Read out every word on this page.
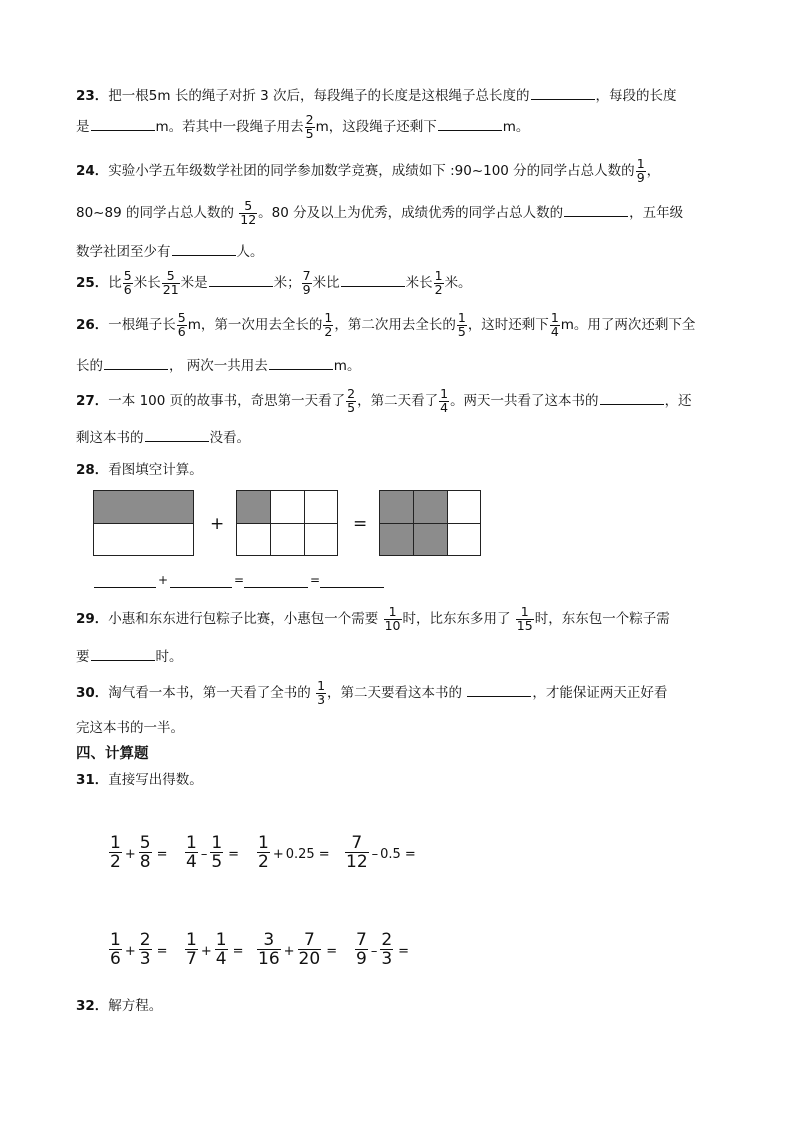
23．把一根5m 长的绳子对折 3 次后，每段绳子的长度是这根绳子总长度的	，每段的长度
是	m。若其中一段绳子用去 $\frac{2}{5}$ m，这段绳子还剩下	m。
24．实验小学五年级数学社团的同学参加数学竞赛，成绩如下 :90~100 分的同学占总人数的 $\frac{1}{9}$ ，
80~89 的同学占总人数的 $\frac{5}{12}$ 。80 分及以上为优秀，成绩优秀的同学占总人数的	，五年级
数学社团至少有	人。
25．比 $\frac{5}{6}$ 米长 $\frac{5}{21}$ 米是	米； $\frac{7}{9}$ 米比	米长 $\frac{1}{2}$ 米。
26．一根绳子长 $\frac{5}{6}$ m，第一次用去全长的 $\frac{1}{2}$ ，第二次用去全长的 $\frac{1}{5}$ ，这时还剩下 $\frac{1}{4}$ m。用了两次还剩下全
长的	， 两次一共用去	m。
27．一本 100 页的故事书，奇思第一天看了 $\frac{2}{5}$ ，第二天看了 $\frac{1}{4}$ 。两天一共看了这本书的	，还
剩这本书的	没看。
28．看图填空计算。
+	=
+	=	=
29．小惠和东东进行包粽子比赛，小惠包一个需要 $\frac{1}{10}$ 时，比东东多用了 $\frac{1}{15}$ 时，东东包一个粽子需
要	时。
30．淘气看一本书，第一天看了全书的 $\frac{1}{3}$ ，第二天要看这本书的	，才能保证两天正好看
完这本书的一半。
四、计算题
31．直接写出得数。
$\frac{1}{2} + \frac{5}{8} = \frac{1}{4} - \frac{1}{5} = \frac{1}{2} + 0.25 = \frac{7}{12} - 0.5$ =
$\frac{1}{6} + \frac{2}{3} = \frac{1}{7} + \frac{1}{4} = \frac{3}{16} + \frac{7}{20} = \frac{7}{9} - \frac{2}{3}$ =
32．解方程。
